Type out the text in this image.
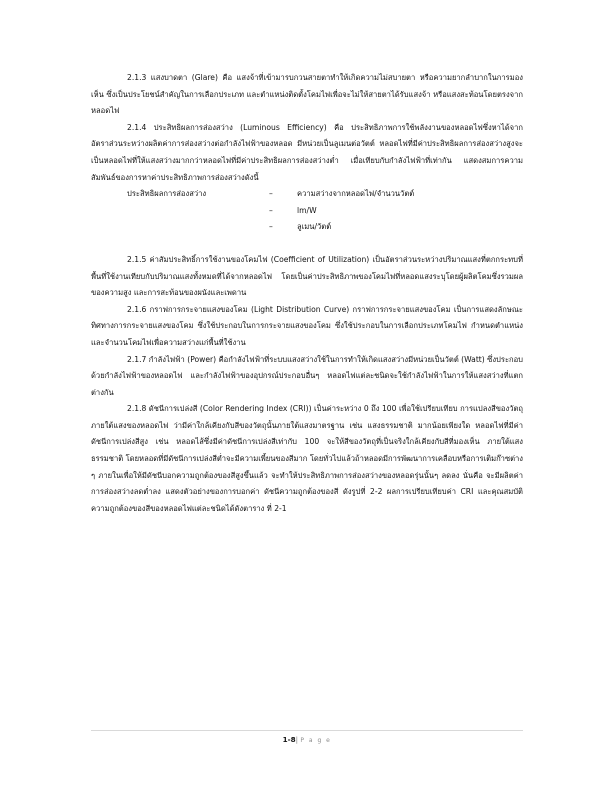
2.1.3 แสงบาดตา (Glare) คือ แสงจ้าที่เข้ามารบกวนสายตาทำให้เกิดความไม่สบายตา หรือความยากลำบากในการมองเห็น ซึ่งเป็นประโยชน์สำคัญในการเลือกประเภท และตำแหน่งติดตั้งโคมไฟเพื่อจะไม่ให้สายตาได้รับแสงจ้า หรือแสงสะท้อนโดยตรงจากหลอดไฟ

2.1.4 ประสิทธิผลการส่องสว่าง (Luminous Efficiency) คือ ประสิทธิภาพการใช้พลังงานของหลอดไฟซึ่งหาได้จากอัตราส่วนระหว่างผลิตค่าการส่องสว่างต่อกำลังไฟฟ้าของหลอด มีหน่วยเป็นลูเมนต่อวัตต์ หลอดไฟที่มีค่าประสิทธิผลการส่องสว่างสูงจะเป็นหลอดไฟที่ให้แสงสว่างมากกว่าหลอดไฟที่มีค่าประสิทธิผลการส่องสว่างต่ำ เมื่อเทียบกับกำลังไฟฟ้าที่เท่ากัน แสดงสมการความสัมพันธ์ของการหาค่าประสิทธิภาพการส่องสว่างดังนี้

ประสิทธิผลการส่องสว่าง	–	ความสว่างจากหลอดไฟ/จำนวนวัตต์
–	lm/W
–	ลูเมน/วัตต์

2.1.5 ค่าสัมประสิทธิ์การใช้งานของโคมไฟ (Coefficient of Utilization) เป็นอัตราส่วนระหว่างปริมาณแสงที่ตกกระทบที่พื้นที่ใช้งานเทียบกับปริมาณแสงทั้งหมดที่ได้จากหลอดไฟ โดยเป็นค่าประสิทธิภาพของโคมไฟที่หลอดแสงระบุโดยผู้ผลิตโคมซึ่งรวมผลของความสูง และการสะท้อนของผนังและเพดาน

2.1.6 กราฟการกระจายแสงของโคม (Light Distribution Curve) กราฟการกระจายแสงของโคม เป็นการแสดงลักษณะทิศทางการกระจายแสงของโคม ซึ่งใช้ประกอบในการกระจายแสงของโคม ซึ่งใช้ประกอบในการเลือกประเภทโคมไฟ กำหนดตำแหน่ง และจำนวนโคมไฟเพื่อความสว่างแก่พื้นที่ใช้งาน

2.1.7 กำลังไฟฟ้า (Power) คือกำลังไฟฟ้าที่ระบบแสงสว่างใช้ในการทำให้เกิดแสงสว่างมีหน่วยเป็นวัตต์ (Watt) ซึ่งประกอบด้วยกำลังไฟฟ้าของหลอดไฟ และกำลังไฟฟ้าของอุปกรณ์ประกอบอื่นๆ หลอดไฟแต่ละชนิดจะใช้กำลังไฟฟ้าในการให้แสงสว่างที่แตกต่างกัน

2.1.8 ดัชนีการเปล่งสี (Color Rendering Index (CRI)) เป็นค่าระหว่าง 0 ถึง 100 เพื่อใช้เปรียบเทียบ การแปลงสีของวัตถุภายใต้แสงของหลอดไฟ ว่ามีค่าใกล้เคียงกับสีของวัตถุนั้นภายใต้แสงมาตรฐาน เช่น แสงธรรมชาติ มากน้อยเพียงใด หลอดไฟที่มีค่าดัชนีการเปล่งสีสูง เช่น หลอดไส้ซึ่งมีค่าดัชนีการเปล่งสีเท่ากับ 100 จะให้สีของวัตถุที่เป็นจริงใกล้เคียงกับสีที่มองเห็น ภายใต้แสงธรรมชาติ โดยหลอดที่มีดัชนีการเปล่งสีต่ำจะมีความเพี้ยนของสีมาก โดยทั่วไปแล้วถ้าหลอดมีการพัฒนาการเคลือบหรือการเติมก๊าซต่าง ๆ ภายในเพื่อให้มีดัชนีบอกความถูกต้องของสีสูงขึ้นแล้ว จะทำให้ประสิทธิภาพการส่องสว่างของหลอดรุ่นนั้นๆ ลดลง นั่นคือ จะมีผลิตค่าการส่องสว่างลดต่ำลง แสดงตัวอย่างของการบอกค่า ดัชนีความถูกต้องของสี ดังรูปที่ 2-2 ผลการเปรียบเทียบค่า CRI และคุณสมบัติความถูกต้องของสีของหลอดไฟแต่ละชนิดได้ดังตาราง ที่ 2-1

1-8| P a g e
